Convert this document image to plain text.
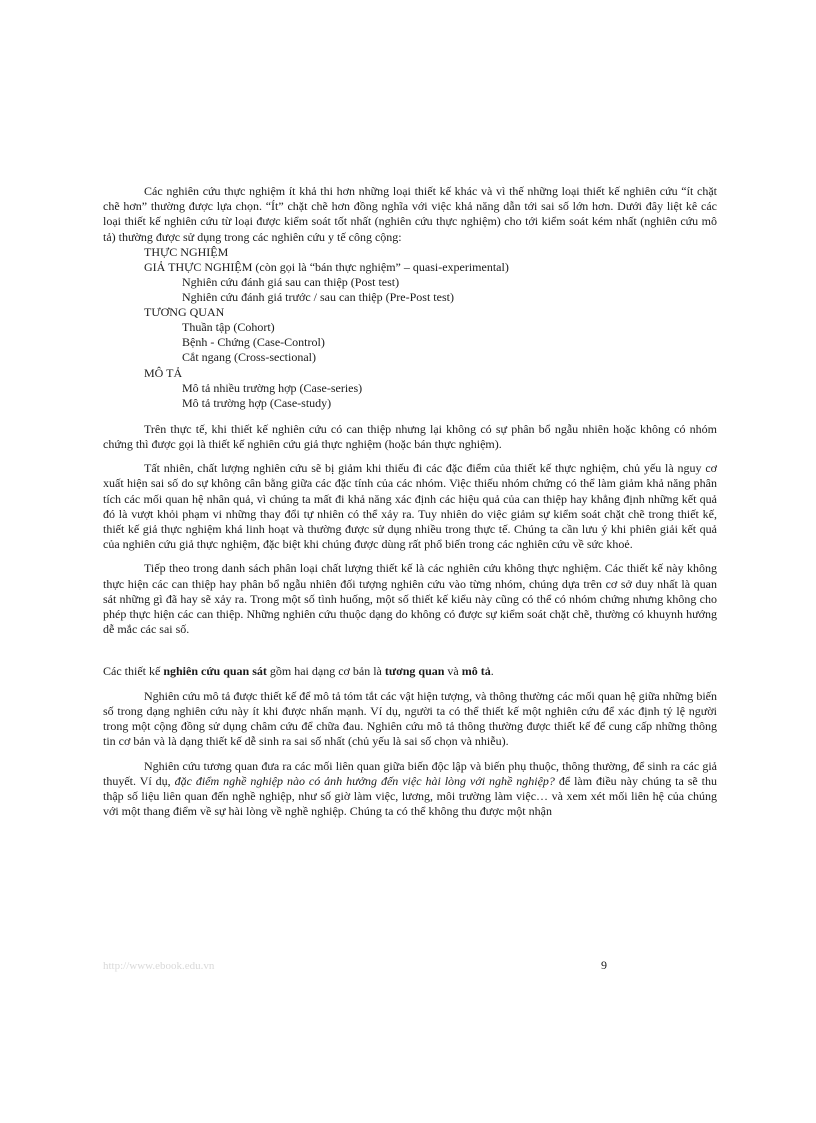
Các nghiên cứu thực nghiệm ít khả thi hơn những loại thiết kế khác và vì thế những loại thiết kế nghiên cứu “ít chặt chẽ hơn” thường được lựa chọn. “Ít” chặt chẽ hơn đồng nghĩa với việc khả năng dẫn tới sai số lớn hơn. Dưới đây liệt kê các loại thiết kế nghiên cứu từ loại được kiểm soát tốt nhất (nghiên cứu thực nghiệm) cho tới kiểm soát kém nhất (nghiên cứu mô tả) thường được sử dụng trong các nghiên cứu y tế công cộng:

THỰC NGHIỆM
GIẢ THỰC NGHIỆM (còn gọi là “bán thực nghiệm” – quasi-experimental)
Nghiên cứu đánh giá sau can thiệp (Post test)
Nghiên cứu đánh giá trước / sau can thiệp (Pre-Post test)
TƯƠNG QUAN
Thuần tập (Cohort)
Bệnh - Chứng (Case-Control)
Cắt ngang (Cross-sectional)
MÔ TẢ
Mô tả nhiều trường hợp (Case-series)
Mô tả trường hợp (Case-study)

Trên thực tế, khi thiết kế nghiên cứu có can thiệp nhưng lại không có sự phân bổ ngẫu nhiên hoặc không có nhóm chứng thì được gọi là thiết kế nghiên cứu giả thực nghiệm (hoặc bán thực nghiệm).

Tất nhiên, chất lượng nghiên cứu sẽ bị giảm khi thiếu đi các đặc điểm của thiết kế thực nghiệm, chủ yếu là nguy cơ xuất hiện sai số do sự không cân bằng giữa các đặc tính của các nhóm. Việc thiếu nhóm chứng có thể làm giảm khả năng phân tích các mối quan hệ nhân quả, vì chúng ta mất đi khả năng xác định các hiệu quả của can thiệp hay khẳng định những kết quả đó là vượt khỏi phạm vi những thay đổi tự nhiên có thể xảy ra. Tuy nhiên do việc giảm sự kiểm soát chặt chẽ trong thiết kế, thiết kế giả thực nghiệm khá linh hoạt và thường được sử dụng nhiều trong thực tế. Chúng ta cần lưu ý khi phiên giải kết quả của nghiên cứu giả thực nghiệm, đặc biệt khi chúng được dùng rất phổ biến trong các nghiên cứu về sức khoẻ.

Tiếp theo trong danh sách phân loại chất lượng thiết kế là các nghiên cứu không thực nghiệm. Các thiết kế này không thực hiện các can thiệp hay phân bổ ngẫu nhiên đối tượng nghiên cứu vào từng nhóm, chúng dựa trên cơ sở duy nhất là quan sát những gì đã hay sẽ xảy ra. Trong một số tình huống, một số thiết kế kiểu này cũng có thể có nhóm chứng nhưng không cho phép thực hiện các can thiệp. Những nghiên cứu thuộc dạng do không có được sự kiểm soát chặt chẽ, thường có khuynh hướng dễ mắc các sai số.

Các thiết kế nghiên cứu quan sát gồm hai dạng cơ bản là tương quan và mô tả.

Nghiên cứu mô tả được thiết kế để mô tả tóm tắt các vật hiện tượng, và thông thường các mối quan hệ giữa những biến số trong dạng nghiên cứu này ít khi được nhấn mạnh. Ví dụ, người ta có thể thiết kế một nghiên cứu để xác định tỷ lệ người trong một cộng đồng sử dụng châm cứu để chữa đau. Nghiên cứu mô tả thông thường được thiết kế để cung cấp những thông tin cơ bản và là dạng thiết kế dễ sinh ra sai số nhất (chủ yếu là sai số chọn và nhiễu).

Nghiên cứu tương quan đưa ra các mối liên quan giữa biến độc lập và biến phụ thuộc, thông thường, để sinh ra các giả thuyết. Ví dụ, đặc điểm nghề nghiệp nào có ảnh hưởng đến việc hài lòng với nghề nghiệp? để làm điều này chúng ta sẽ thu thập số liệu liên quan đến nghề nghiệp, như số giờ làm việc, lương, môi trường làm việc… và xem xét mối liên hệ của chúng với một thang điểm về sự hài lòng về nghề nghiệp. Chúng ta có thể không thu được một nhận

http://www.ebook.edu.vn	9
